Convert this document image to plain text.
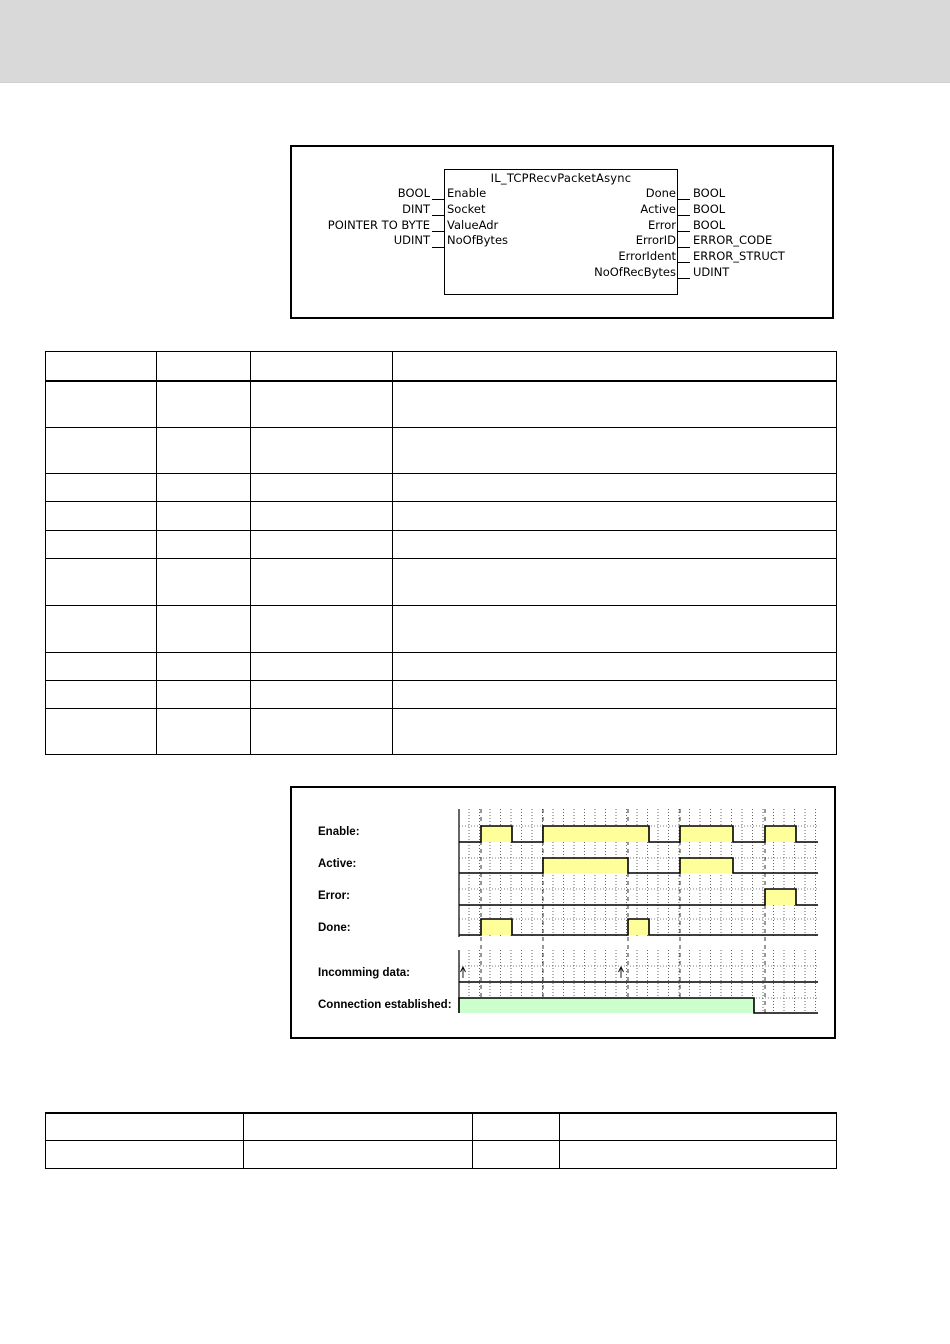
IL_TCPRecvPacketAsync
BOOL Enable
DINT Socket
POINTER TO BYTE ValueAdr
UDINT NoOfBytes
Done BOOL
Active BOOL
Error BOOL
ErrorID ERROR_CODE
ErrorIdent ERROR_STRUCT
NoOfRecBytes UDINT
Enable:
Active:
Error:
Done:
Incomming data:
Connection established:
